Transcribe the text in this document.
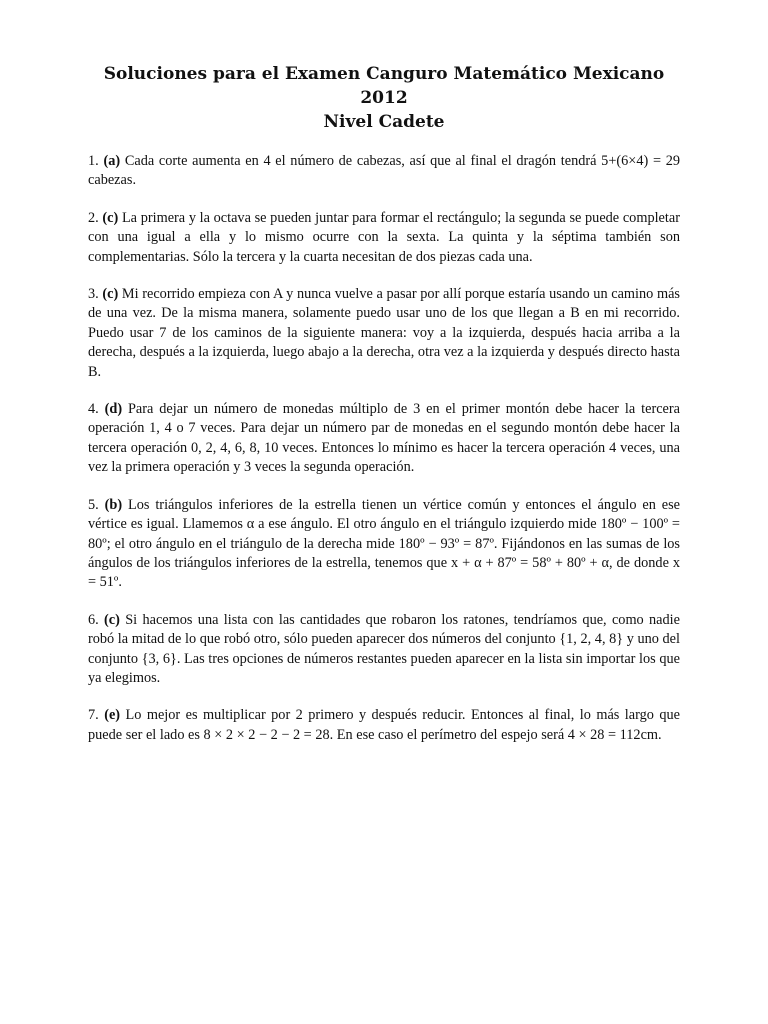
Soluciones para el Examen Canguro Matemático Mexicano 2012
Nivel Cadete

1. (a) Cada corte aumenta en 4 el número de cabezas, así que al final el dragón tendrá 5+(6×4) = 29 cabezas.

2. (c) La primera y la octava se pueden juntar para formar el rectángulo; la segunda se puede completar con una igual a ella y lo mismo ocurre con la sexta. La quinta y la séptima también son complementarias. Sólo la tercera y la cuarta necesitan de dos piezas cada una.

3. (c) Mi recorrido empieza con A y nunca vuelve a pasar por allí porque estaría usando un camino más de una vez. De la misma manera, solamente puedo usar uno de los que llegan a B en mi recorrido. Puedo usar 7 de los caminos de la siguiente manera: voy a la izquierda, después hacia arriba a la derecha, después a la izquierda, luego abajo a la derecha, otra vez a la izquierda y después directo hasta B.

4. (d) Para dejar un número de monedas múltiplo de 3 en el primer montón debe hacer la tercera operación 1, 4 o 7 veces. Para dejar un número par de monedas en el segundo montón debe hacer la tercera operación 0, 2, 4, 6, 8, 10 veces. Entonces lo mínimo es hacer la tercera operación 4 veces, una vez la primera operación y 3 veces la segunda operación.

5. (b) Los triángulos inferiores de la estrella tienen un vértice común y entonces el ángulo en ese vértice es igual. Llamemos α a ese ángulo. El otro ángulo en el triángulo izquierdo mide 180º − 100º = 80º; el otro ángulo en el triángulo de la derecha mide 180º − 93º = 87º. Fijándonos en las sumas de los ángulos de los triángulos inferiores de la estrella, tenemos que x + α + 87º = 58º + 80º + α, de donde x = 51º.

6. (c) Si hacemos una lista con las cantidades que robaron los ratones, tendríamos que, como nadie robó la mitad de lo que robó otro, sólo pueden aparecer dos números del conjunto {1, 2, 4, 8} y uno del conjunto {3, 6}. Las tres opciones de números restantes pueden aparecer en la lista sin importar los que ya elegimos.

7. (e) Lo mejor es multiplicar por 2 primero y después reducir. Entonces al final, lo más largo que puede ser el lado es 8 × 2 × 2 − 2 − 2 = 28. En ese caso el perímetro del espejo será 4 × 28 = 112cm.
